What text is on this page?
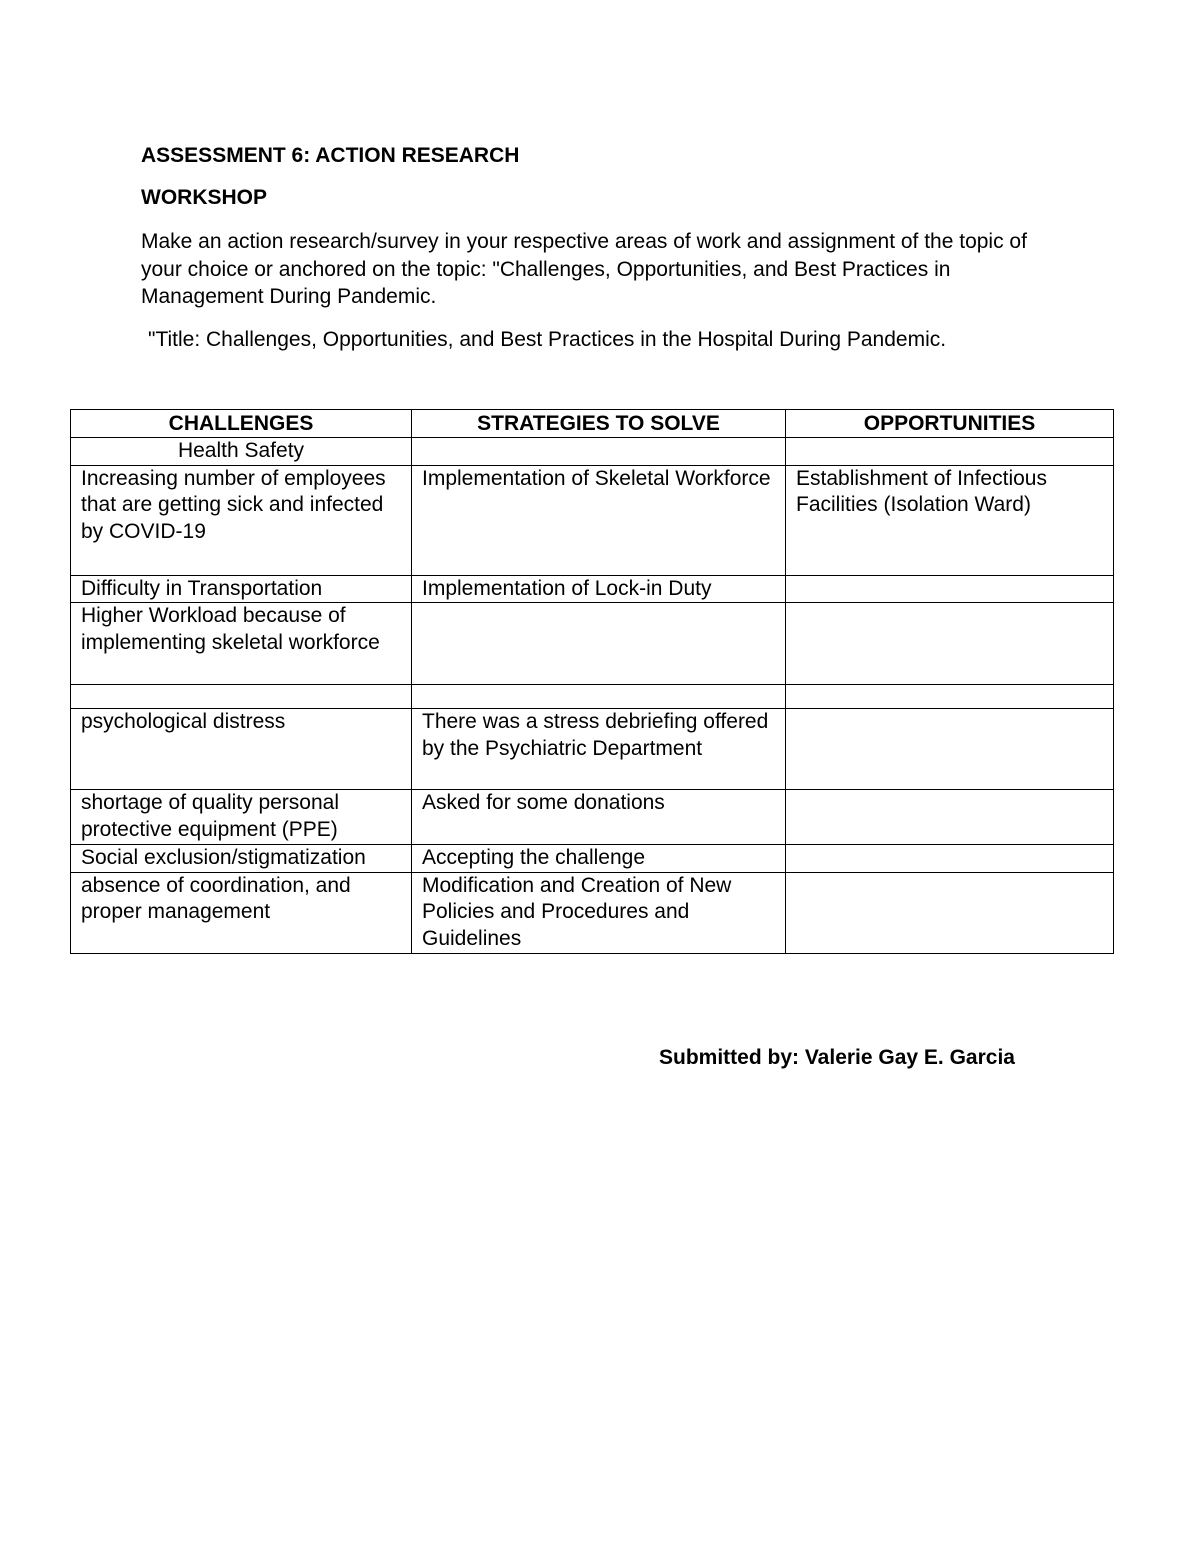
ASSESSMENT 6: ACTION RESEARCH

WORKSHOP

Make an action research/survey in your respective areas of work and assignment of the topic of your choice or anchored on the topic: "Challenges, Opportunities, and Best Practices in Management During Pandemic.

"Title: Challenges, Opportunities, and Best Practices in the Hospital During Pandemic.

CHALLENGES	STRATEGIES TO SOLVE	OPPORTUNITIES
Health Safety		
Increasing number of employees that are getting sick and infected by COVID-19	Implementation of Skeletal Workforce	Establishment of Infectious Facilities (Isolation Ward)
Difficulty in Transportation	Implementation of Lock-in Duty	
Higher Workload because of implementing skeletal workforce		

psychological distress	There was a stress debriefing offered by the Psychiatric Department	
shortage of quality personal protective equipment (PPE)	Asked for some donations	
Social exclusion/stigmatization	Accepting the challenge	
absence of coordination, and proper management	Modification and Creation of New Policies and Procedures and Guidelines	

Submitted by: Valerie Gay E. Garcia
